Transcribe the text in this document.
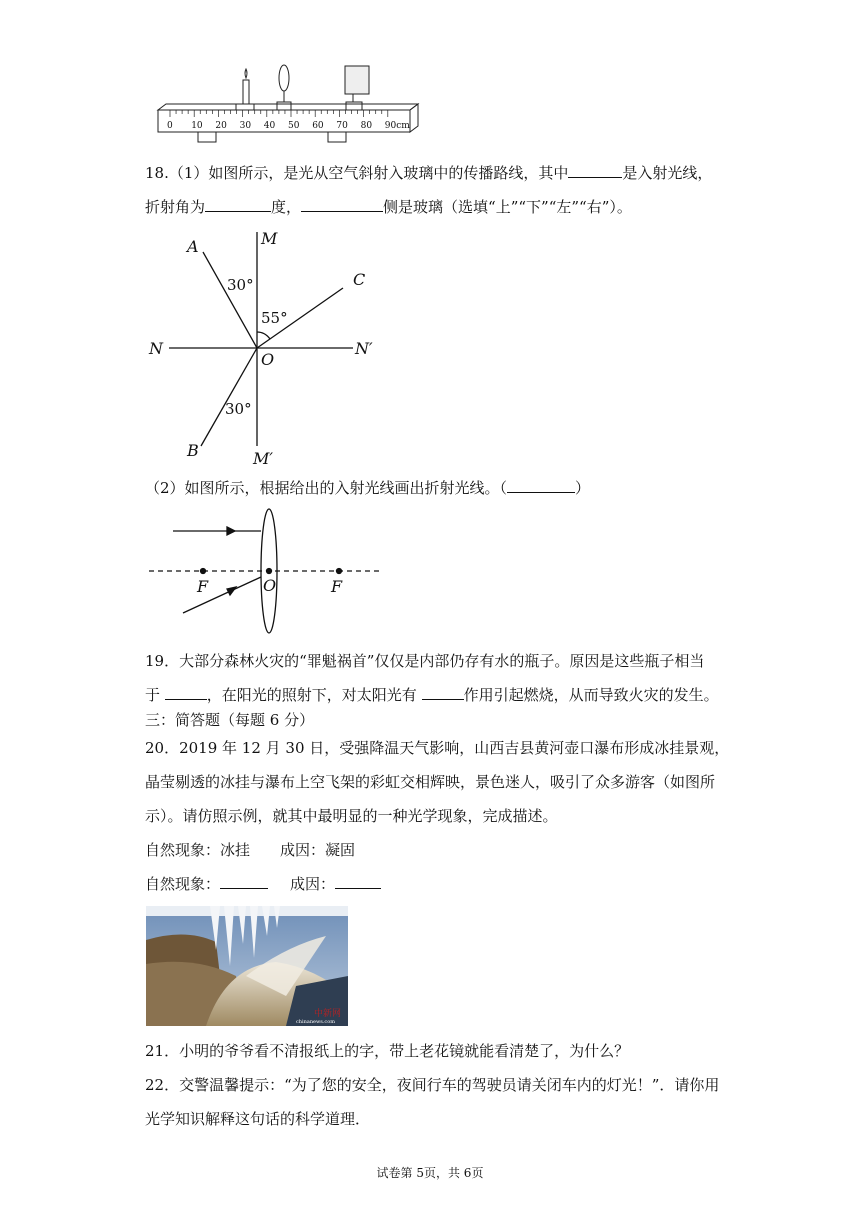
0 10 20 30 40 50 60 70 80 90cm
18.（1）如图所示，是光从空气斜射入玻璃中的传播路线，其中	是入射光线，
折射角为	度，	侧是玻璃（选填“上”“下”“左”“右”）。
A	M
C
N	N′
O
B	M′
30°
55°
30°
（2）如图所示，根据给出的入射光线画出折射光线。（	）
F	O	F
19．大部分森林火灾的“罪魁祸首”仅仅是内部仍存有水的瓶子。原因是这些瓶子相当
于	，在阳光的照射下，对太阳光有	作用引起燃烧，从而导致火灾的发生。
三：简答题（每题 6 分）
20．2019 年 12 月 30 日，受强降温天气影响，山西吉县黄河壶口瀑布形成冰挂景观，
晶莹剔透的冰挂与瀑布上空飞架的彩虹交相辉映，景色迷人，吸引了众多游客（如图所
示）。请仿照示例，就其中最明显的一种光学现象，完成描述。
自然现象：冰挂 成因：凝固
自然现象：	成因：
中新网
chinanews.com
21．小明的爷爷看不清报纸上的字，带上老花镜就能看清楚了，为什么？
22．交警温馨提示：“为了您的安全，夜间行车的驾驶员请关闭车内的灯光！”．请你用
光学知识解释这句话的科学道理．
试卷第 5页，共 6页
